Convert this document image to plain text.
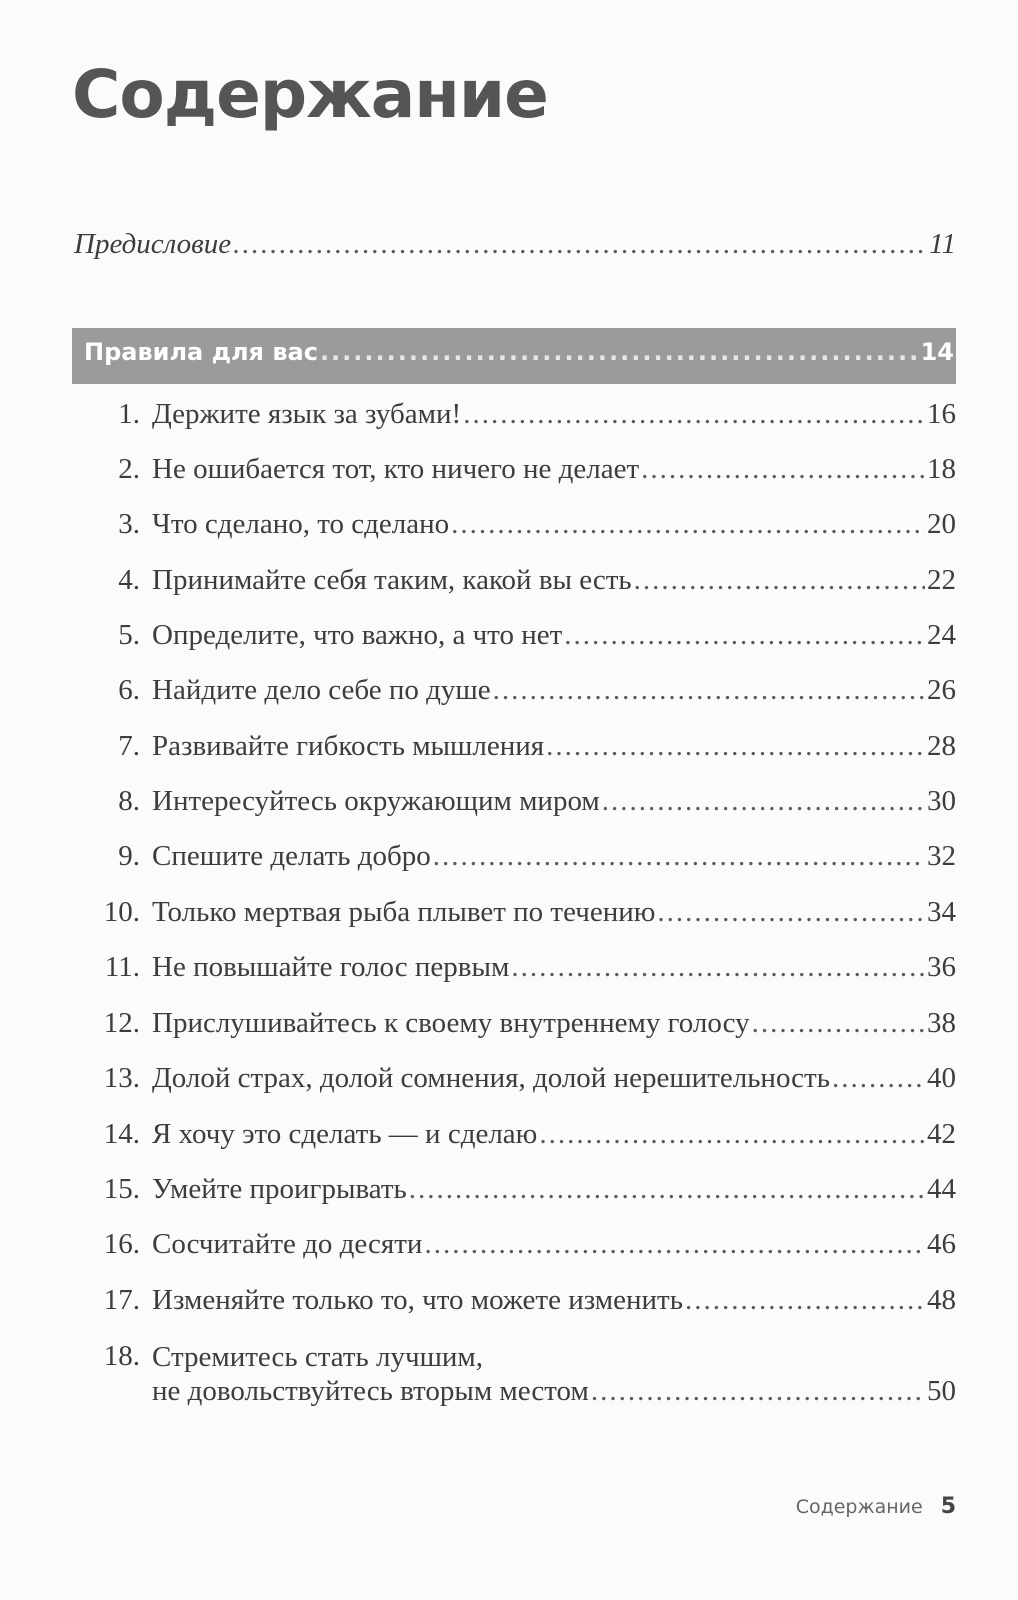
Содержание
Предисловие .....	11
Правила для вас .....	14
1. Держите язык за зубами! .....	16
2. Не ошибается тот, кто ничего не делает .....	18
3. Что сделано, то сделано .....	20
4. Принимайте себя таким, какой вы есть .....	22
5. Определите, что важно, а что нет .....	24
6. Найдите дело себе по душе .....	26
7. Развивайте гибкость мышления .....	28
8. Интересуйтесь окружающим миром .....	30
9. Спешите делать добро .....	32
10. Только мертвая рыба плывет по течению .....	34
11. Не повышайте голос первым .....	36
12. Прислушивайтесь к своему внутреннему голосу .....	38
13. Долой страх, долой сомнения, долой нерешительность .....	40
14. Я хочу это сделать — и сделаю .....	42
15. Умейте проигрывать .....	44
16. Сосчитайте до десяти .....	46
17. Изменяйте только то, что можете изменить .....	48
18. Стремитесь стать лучшим,
не довольствуйтесь вторым местом .....	50
Содержание 5
